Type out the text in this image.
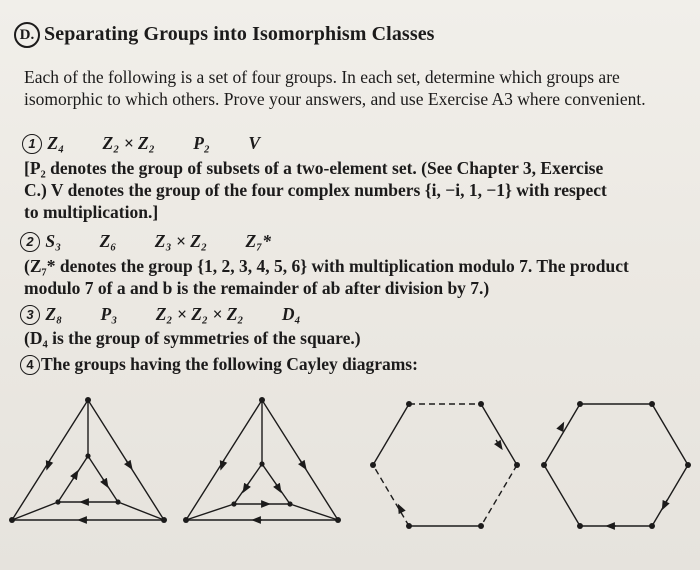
D. Separating Groups into Isomorphism Classes
Each of the following is a set of four groups. In each set, determine which groups are isomorphic to which others. Prove your answers, and use Exercise A3 where convenient.
1 Z₄ Z₂ × Z₂ P₂ V
[P₂ denotes the group of subsets of a two-element set. (See Chapter 3, Exercise
C.) V denotes the group of the four complex numbers {i, −i, 1, −1} with respect
to multiplication.]
2 S₃ Z₆ Z₃ × Z₂ Z₇*
(Z₇* denotes the group {1, 2, 3, 4, 5, 6} with multiplication modulo 7. The product
modulo 7 of a and b is the remainder of ab after division by 7.)
3 Z₈ P₃ Z₂ × Z₂ × Z₂ D₄
(D₄ is the group of symmetries of the square.)
4 The groups having the following Cayley diagrams:
